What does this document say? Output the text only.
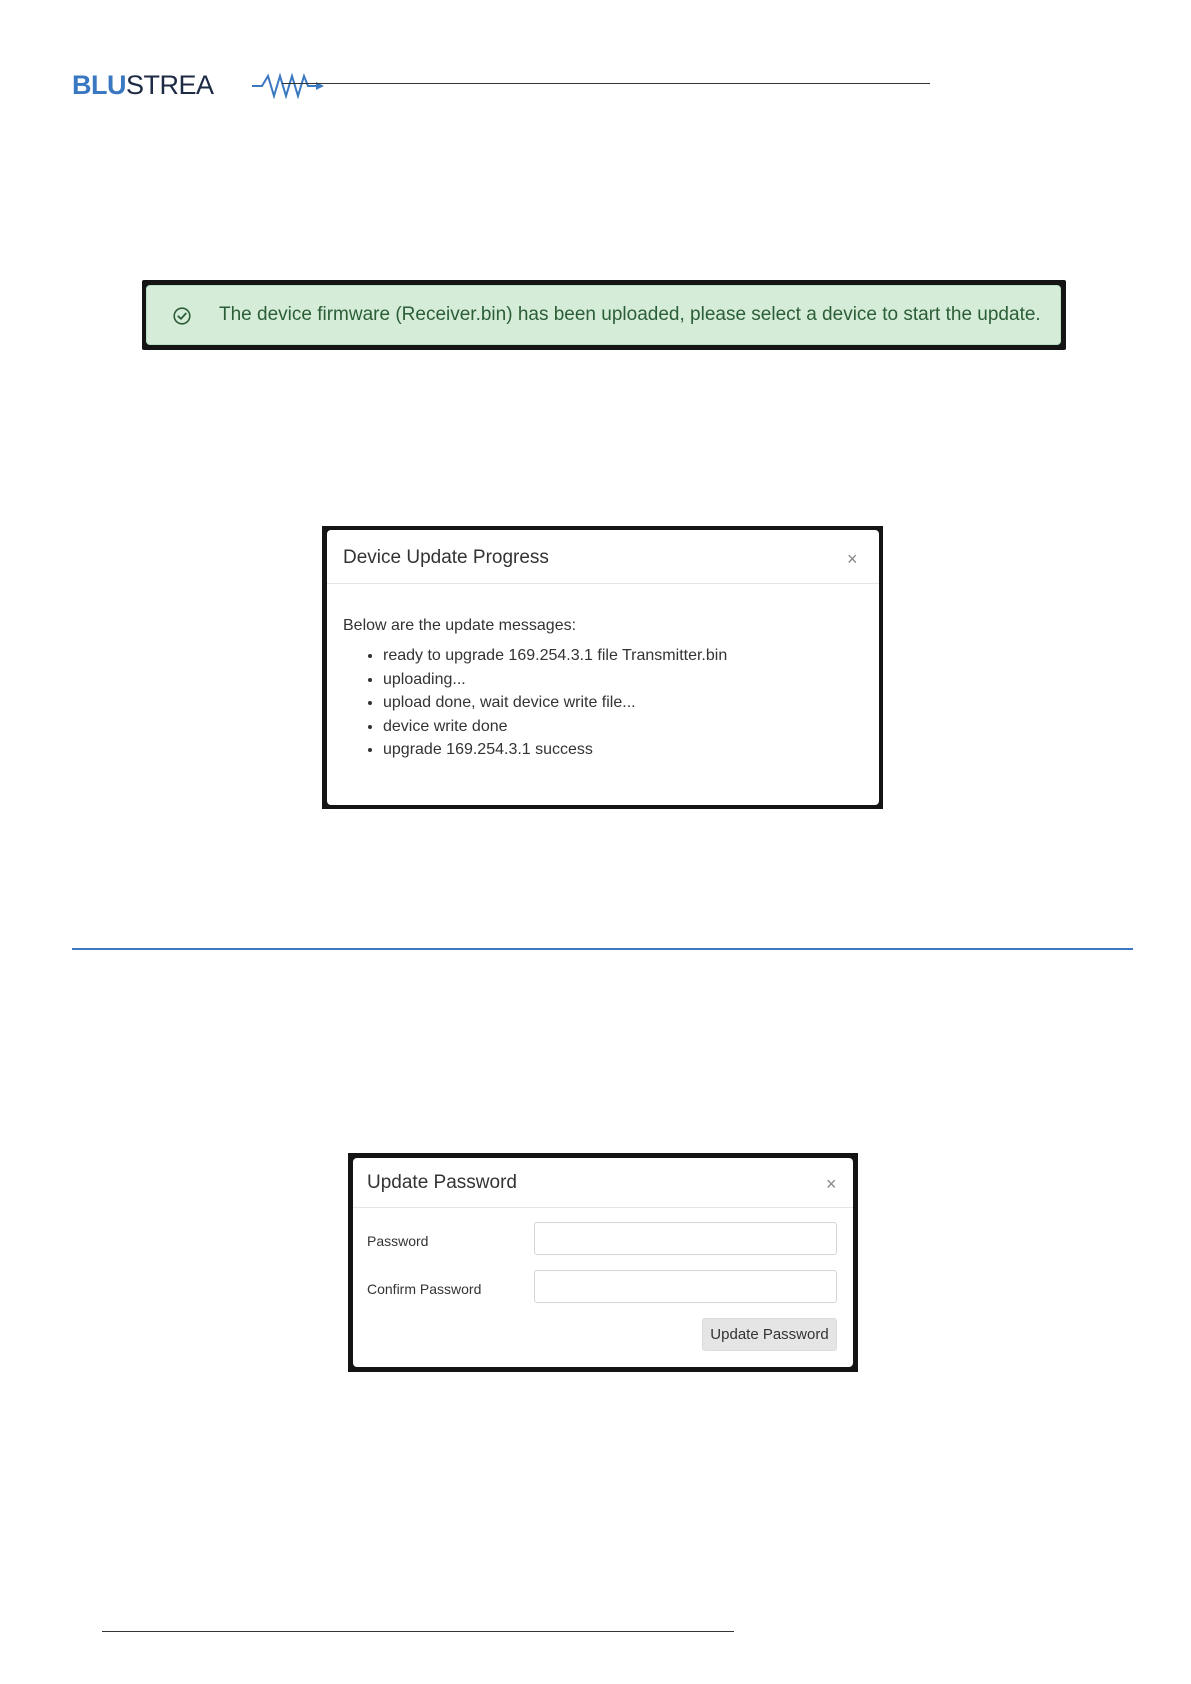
BLUSTREA
The device firmware (Receiver.bin) has been uploaded, please select a device to start the update.
Device Update Progress	×
Below are the update messages:
• ready to upgrade 169.254.3.1 file Transmitter.bin
• uploading...
• upload done, wait device write file...
• device write done
• upgrade 169.254.3.1 success
Update Password	×
Password
Confirm Password
Update Password
